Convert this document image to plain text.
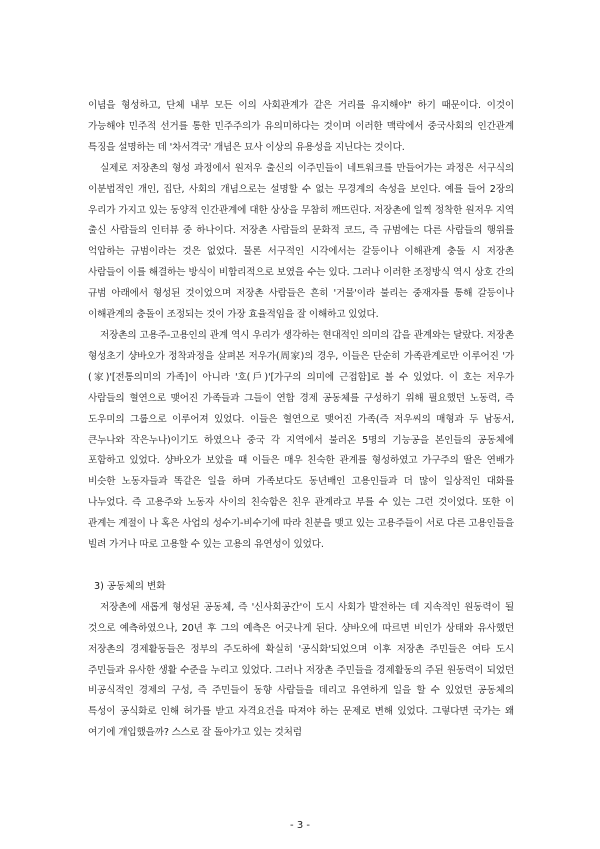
이념을 형성하고, 단체 내부 모든 이의 사회관계가 같은 거리를 유지해야" 하기 때문이다. 이것이 가능해야 민주적 선거를 통한 민주주의가 유의미하다는 것이며 이러한 맥락에서 중국사회의 인간관계 특징을 설명하는 데 '차서격국' 개념은 묘사 이상의 유용성을 지닌다는 것이다.

실제로 저장촌의 형성 과정에서 원저우 출신의 이주민들이 네트워크를 만들어가는 과정은 서구식의 이분법적인 개인, 집단, 사회의 개념으로는 설명할 수 없는 무경계의 속성을 보인다. 예를 들어 2장의 우리가 가지고 있는 동양적 인간관계에 대한 상상을 무참히 깨뜨린다. 저장촌에 일찍 정착한 원저우 지역 출신 사람들의 인터뷰 중 하나이다. 저장촌 사람들의 문화적 코드, 즉 규범에는 다른 사람들의 행위를 억압하는 규범이라는 것은 없었다. 물론 서구적인 시각에서는 갈등이나 이해관계 충돌 시 저장촌 사람들이 이를 해결하는 방식이 비합리적으로 보였을 수는 있다. 그러나 이러한 조정방식 역시 상호 간의 규범 아래에서 형성된 것이었으며 저장촌 사람들은 흔히 '거물'이라 불리는 중재자를 통해 갈등이나 이해관계의 충돌이 조정되는 것이 가장 효율적임을 잘 이해하고 있었다.

저장촌의 고용주-고용인의 관계 역시 우리가 생각하는 현대적인 의미의 갑을 관계와는 달랐다. 저장촌 형성초기 샹바오가 정착과정을 살펴본 저우가(周家)의 경우, 이들은 단순히 가족관계로만 이루어진 '가(家)'[전통의미의 가족]이 아니라 '호(戶)'[가구의 의미에 근접함]로 볼 수 있었다. 이 호는 저우가 사람들의 혈연으로 맺어진 가족들과 그들이 연합 경제 공동체를 구성하기 위해 필요했던 노동력, 즉 도우미의 그룹으로 이루어져 있었다. 이들은 혈연으로 맺어진 가족(즉 저우씨의 매형과 두 남동서, 큰누나와 작은누나)이기도 하였으나 중국 각 지역에서 불러온 5명의 기능공을 본인들의 공동체에 포함하고 있었다. 샹바오가 보았을 때 이들은 매우 친숙한 관계를 형성하였고 가구주의 딸은 연배가 비슷한 노동자들과 똑같은 일을 하며 가족보다도 동년배인 고용인들과 더 많이 일상적인 대화를 나누었다. 즉 고용주와 노동자 사이의 친숙함은 친우 관계라고 부를 수 있는 그런 것이었다. 또한 이 관계는 계절이 나 혹은 사업의 성수기-비수기에 따라 친분을 맺고 있는 고용주들이 서로 다른 고용인들을 빌려 가거나 따로 고용할 수 있는 고용의 유연성이 있었다.

3) 공동체의 변화

저장촌에 새롭게 형성된 공동체, 즉 '신사회공간'이 도시 사회가 발전하는 데 지속적인 원동력이 될 것으로 예측하였으나, 20년 후 그의 예측은 어긋나게 된다. 샹바오에 따르면 비인가 상태와 유사했던 저장촌의 경제활동들은 정부의 주도하에 확실히 '공식화'되었으며 이후 저장촌 주민들은 여타 도시 주민들과 유사한 생활 수준을 누리고 있었다. 그러나 저장촌 주민들을 경제활동의 주된 원동력이 되었던 비공식적인 경제의 구성, 즉 주민들이 동향 사람들을 데리고 유연하게 일을 할 수 있었던 공동체의 특성이 공식화로 인해 허가를 받고 자격요건을 따져야 하는 문제로 변해 있었다. 그렇다면 국가는 왜 여기에 개입했을까? 스스로 잘 돌아가고 있는 것처럼

- 3 -
